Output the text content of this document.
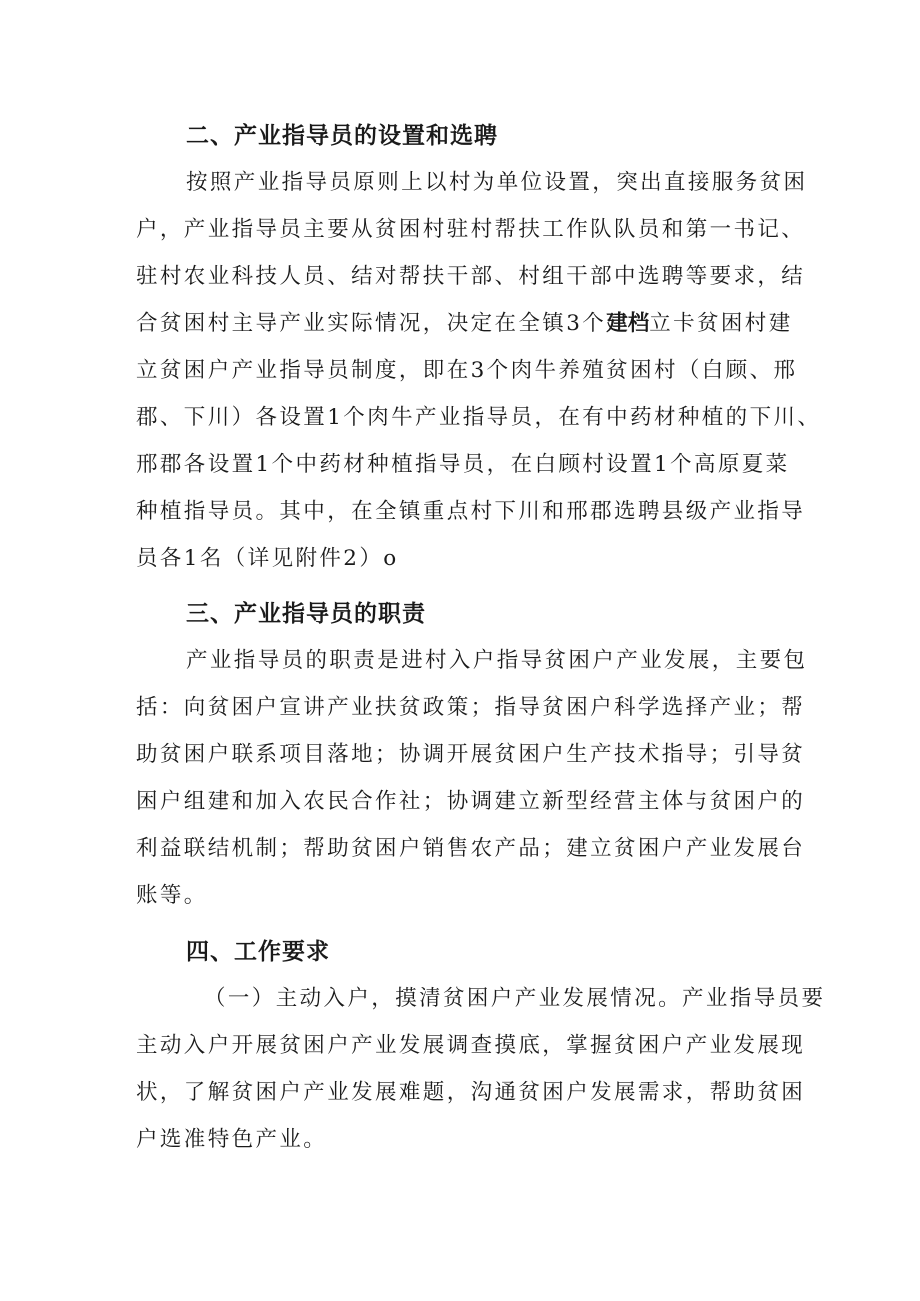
二、产业指导员的设置和选聘

按照产业指导员原则上以村为单位设置，突出直接服务贫困

户，产业指导员主要从贫困村驻村帮扶工作队队员和第一书记、

驻村农业科技人员、结对帮扶干部、村组干部中选聘等要求，结

合贫困村主导产业实际情况，决定在全镇3个建档立卡贫困村建

立贫困户产业指导员制度，即在3个肉牛养殖贫困村（白顾、邢

郡、下川）各设置1个肉牛产业指导员，在有中药材种植的下川、

邢郡各设置1个中药材种植指导员，在白顾村设置1个高原夏菜

种植指导员。其中，在全镇重点村下川和邢郡选聘县级产业指导

员各1名（详见附件2）o

三、产业指导员的职责

产业指导员的职责是进村入户指导贫困户产业发展，主要包

括：向贫困户宣讲产业扶贫政策；指导贫困户科学选择产业；帮

助贫困户联系项目落地；协调开展贫困户生产技术指导；引导贫

困户组建和加入农民合作社；协调建立新型经营主体与贫困户的

利益联结机制；帮助贫困户销售农产品；建立贫困户产业发展台

账等。

四、工作要求

（一）主动入户，摸清贫困户产业发展情况。产业指导员要

主动入户开展贫困户产业发展调查摸底，掌握贫困户产业发展现

状，了解贫困户产业发展难题，沟通贫困户发展需求，帮助贫困

户选准特色产业。
